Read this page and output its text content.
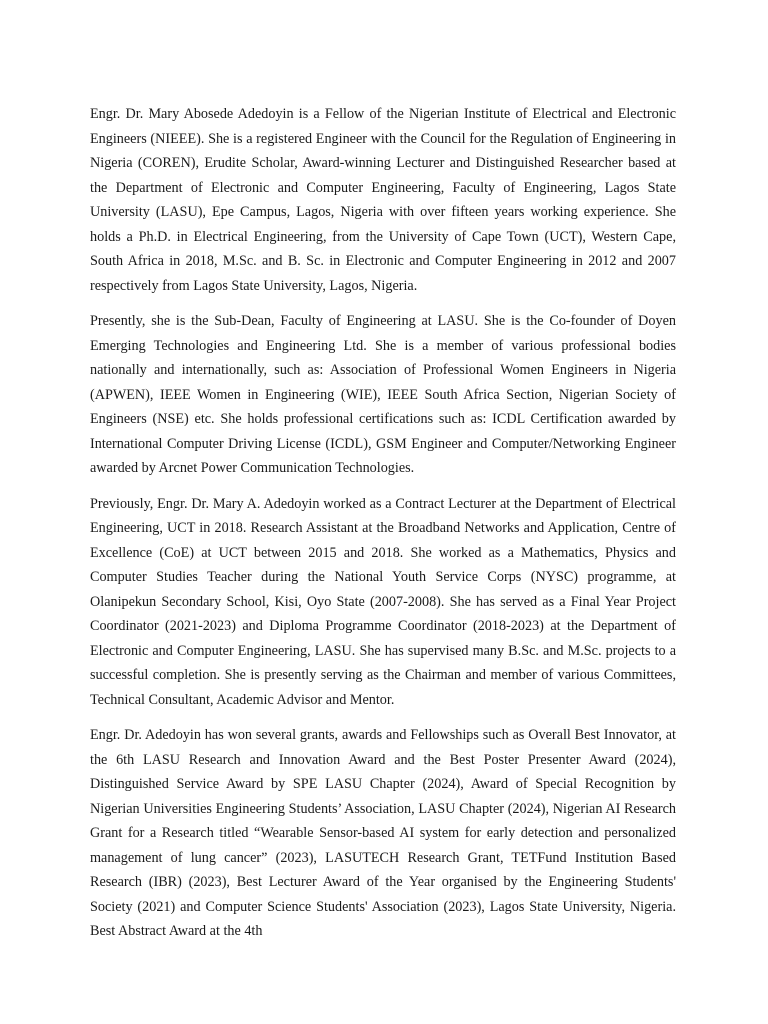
Engr. Dr. Mary Abosede Adedoyin is a Fellow of the Nigerian Institute of Electrical and Electronic Engineers (NIEEE). She is a registered Engineer with the Council for the Regulation of Engineering in Nigeria (COREN), Erudite Scholar, Award-winning Lecturer and Distinguished Researcher based at the Department of Electronic and Computer Engineering, Faculty of Engineering, Lagos State University (LASU), Epe Campus, Lagos, Nigeria with over fifteen years working experience. She holds a Ph.D. in Electrical Engineering, from the University of Cape Town (UCT), Western Cape, South Africa in 2018, M.Sc. and B. Sc. in Electronic and Computer Engineering in 2012 and 2007 respectively from Lagos State University, Lagos, Nigeria.

Presently, she is the Sub-Dean, Faculty of Engineering at LASU. She is the Co-founder of Doyen Emerging Technologies and Engineering Ltd. She is a member of various professional bodies nationally and internationally, such as: Association of Professional Women Engineers in Nigeria (APWEN), IEEE Women in Engineering (WIE), IEEE South Africa Section, Nigerian Society of Engineers (NSE) etc. She holds professional certifications such as: ICDL Certification awarded by International Computer Driving License (ICDL), GSM Engineer and Computer/Networking Engineer awarded by Arcnet Power Communication Technologies.

Previously, Engr. Dr. Mary A. Adedoyin worked as a Contract Lecturer at the Department of Electrical Engineering, UCT in 2018. Research Assistant at the Broadband Networks and Application, Centre of Excellence (CoE) at UCT between 2015 and 2018. She worked as a Mathematics, Physics and Computer Studies Teacher during the National Youth Service Corps (NYSC) programme, at Olanipekun Secondary School, Kisi, Oyo State (2007-2008). She has served as a Final Year Project Coordinator (2021-2023) and Diploma Programme Coordinator (2018-2023) at the Department of Electronic and Computer Engineering, LASU. She has supervised many B.Sc. and M.Sc. projects to a successful completion. She is presently serving as the Chairman and member of various Committees, Technical Consultant, Academic Advisor and Mentor.

Engr. Dr. Adedoyin has won several grants, awards and Fellowships such as Overall Best Innovator, at the 6th LASU Research and Innovation Award and the Best Poster Presenter Award (2024), Distinguished Service Award by SPE LASU Chapter (2024), Award of Special Recognition by Nigerian Universities Engineering Students’ Association, LASU Chapter (2024), Nigerian AI Research Grant for a Research titled “Wearable Sensor-based AI system for early detection and personalized management of lung cancer” (2023), LASUTECH Research Grant, TETFund Institution Based Research (IBR) (2023), Best Lecturer Award of the Year organised by the Engineering Students' Society (2021) and Computer Science Students' Association (2023), Lagos State University, Nigeria. Best Abstract Award at the 4th
